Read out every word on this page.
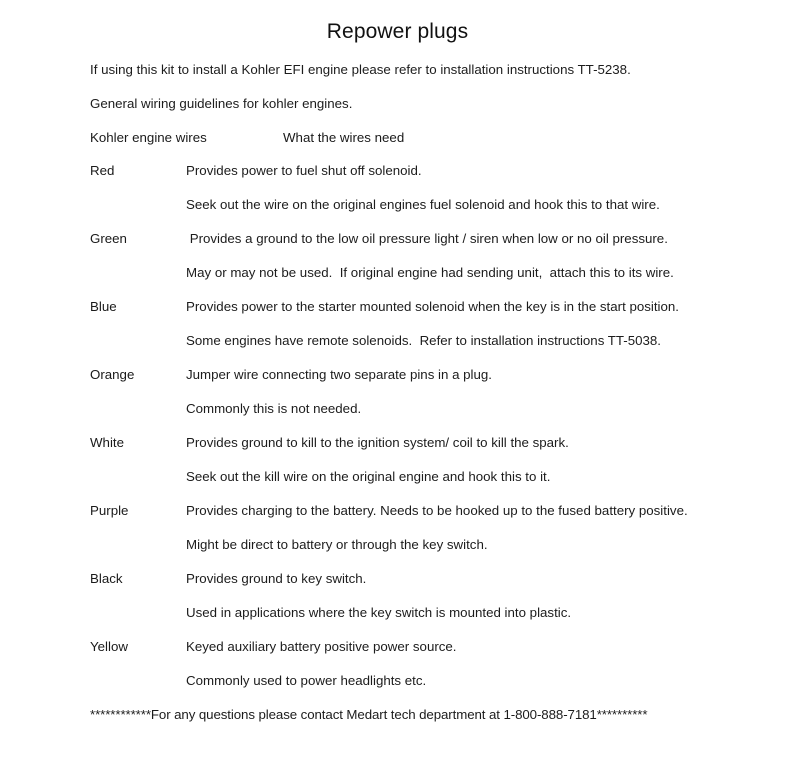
Repower plugs

If using this kit to install a Kohler EFI engine please refer to installation instructions TT-5238.

General wiring guidelines for kohler engines.

Kohler engine wires	What the wires need
Red	Provides power to fuel shut off solenoid.
Seek out the wire on the original engines fuel solenoid and hook this to that wire.
Green	Provides a ground to the low oil pressure light / siren when low or no oil pressure.
May or may not be used.  If original engine had sending unit,  attach this to its wire.
Blue	Provides power to the starter mounted solenoid when the key is in the start position.
Some engines have remote solenoids.  Refer to installation instructions TT-5038.
Orange	Jumper wire connecting two separate pins in a plug.
Commonly this is not needed.
White	Provides ground to kill to the ignition system/ coil to kill the spark.
Seek out the kill wire on the original engine and hook this to it.
Purple	Provides charging to the battery. Needs to be hooked up to the fused battery positive.
Might be direct to battery or through the key switch.
Black	Provides ground to key switch.
Used in applications where the key switch is mounted into plastic.
Yellow	Keyed auxiliary battery positive power source.
Commonly used to power headlights etc.
************For any questions please contact Medart tech department at 1-800-888-7181**********
